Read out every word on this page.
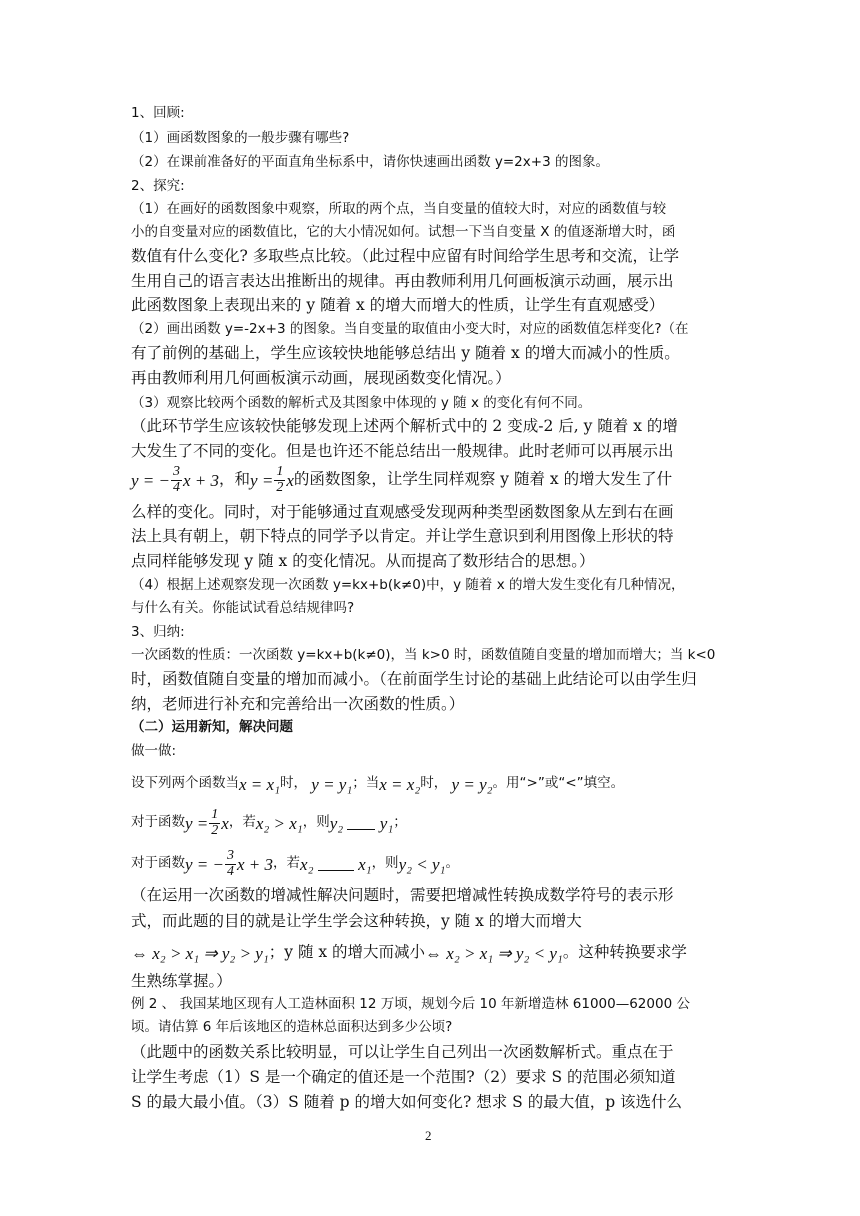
1、回顾:
（1）画函数图象的一般步骤有哪些?
（2）在课前准备好的平面直角坐标系中，请你快速画出函数 y=2x+3 的图象。
2、探究:
（1）在画好的函数图象中观察，所取的两个点，当自变量的值较大时，对应的函数值与较
小的自变量对应的函数值比，它的大小情况如何。试想一下当自变量 X 的值逐渐增大时，函
数值有什么变化? 多取些点比较。（此过程中应留有时间给学生思考和交流，让学
生用自己的语言表达出推断出的规律。再由教师利用几何画板演示动画，展示出
此函数图象上表现出来的 y 随着 x 的增大而增大的性质，让学生有直观感受）
（2）画出函数 y=-2x+3 的图象。当自变量的取值由小变大时，对应的函数值怎样变化?（在
有了前例的基础上，学生应该较快地能够总结出 y 随着 x 的增大而减小的性质。
再由教师利用几何画板演示动画，展现函数变化情况。）
（3）观察比较两个函数的解析式及其图象中体现的 y 随 x 的变化有何不同。
（此环节学生应该较快能够发现上述两个解析式中的 2 变成-2 后, y 随着 x 的增
大发生了不同的变化。但是也许还不能总结出一般规律。此时老师可以再展示出
y = − $\frac{3}{4}$ x + 3 ，和 $y = \frac{1}{2}$ x 的函数图象，让学生同样观察 y 随着 x 的增大发生了什
么样的变化。同时，对于能够通过直观感受发现两种类型函数图象从左到右在画
法上具有朝上，朝下特点的同学予以肯定。并让学生意识到利用图像上形状的特
点同样能够发现 y 随 x 的变化情况。从而提高了数形结合的思想。）
（4）根据上述观察发现一次函数 y=kx+b(k≠0)中，y 随着 x 的增大发生变化有几种情况，
与什么有关。你能试试看总结规律吗?
3、归纳:
一次函数的性质：一次函数 y=kx+b(k≠0)，当 k>0 时，函数值随自变量的增加而增大；当 k<0
时，函数值随自变量的增加而减小。（在前面学生讨论的基础上此结论可以由学生归
纳，老师进行补充和完善给出一次函数的性质。）
（二）运用新知，解决问题
做一做:
设下列两个函数当 x = x₁ 时，
y = y₁ ；当 x = x₂ 时，
y = y₂ 。用“>”或“<”填空。
对于函数 $y = \frac{1}{2}$ x ，若 x₂ > x₁ ，则 y₂

y₁ ；
对于函数 y = − $\frac{3}{4}$ x + 3 ，若 x₂

	x₁ ，则 y₂ < y₁ 。
（在运用一次函数的增减性解决问题时，需要把增减性转换成数学符号的表示形
式，而此题的目的就是让学生学会这种转换，y 随 x 的增大而增大
⇔ x₂ > x₁ ⇒ y₂ > y₁ ；y 随 x 的增大而减小 ⇔ x₂ > x₁ ⇒ y₂ < y₁ 。这种转换要求学
生熟练掌握。）
例 2 、 我国某地区现有人工造林面积 12 万顷，规划今后 10 年新增造林 61000—62000 公
顷。请估算 6 年后该地区的造林总面积达到多少公顷?
（此题中的函数关系比较明显，可以让学生自己列出一次函数解析式。重点在于
让学生考虑（1）S 是一个确定的值还是一个范围?（2）要求 S 的范围必须知道
S 的最大最小值。（3）S 随着 p 的增大如何变化? 想求 S 的最大值，p 该选什么
2
